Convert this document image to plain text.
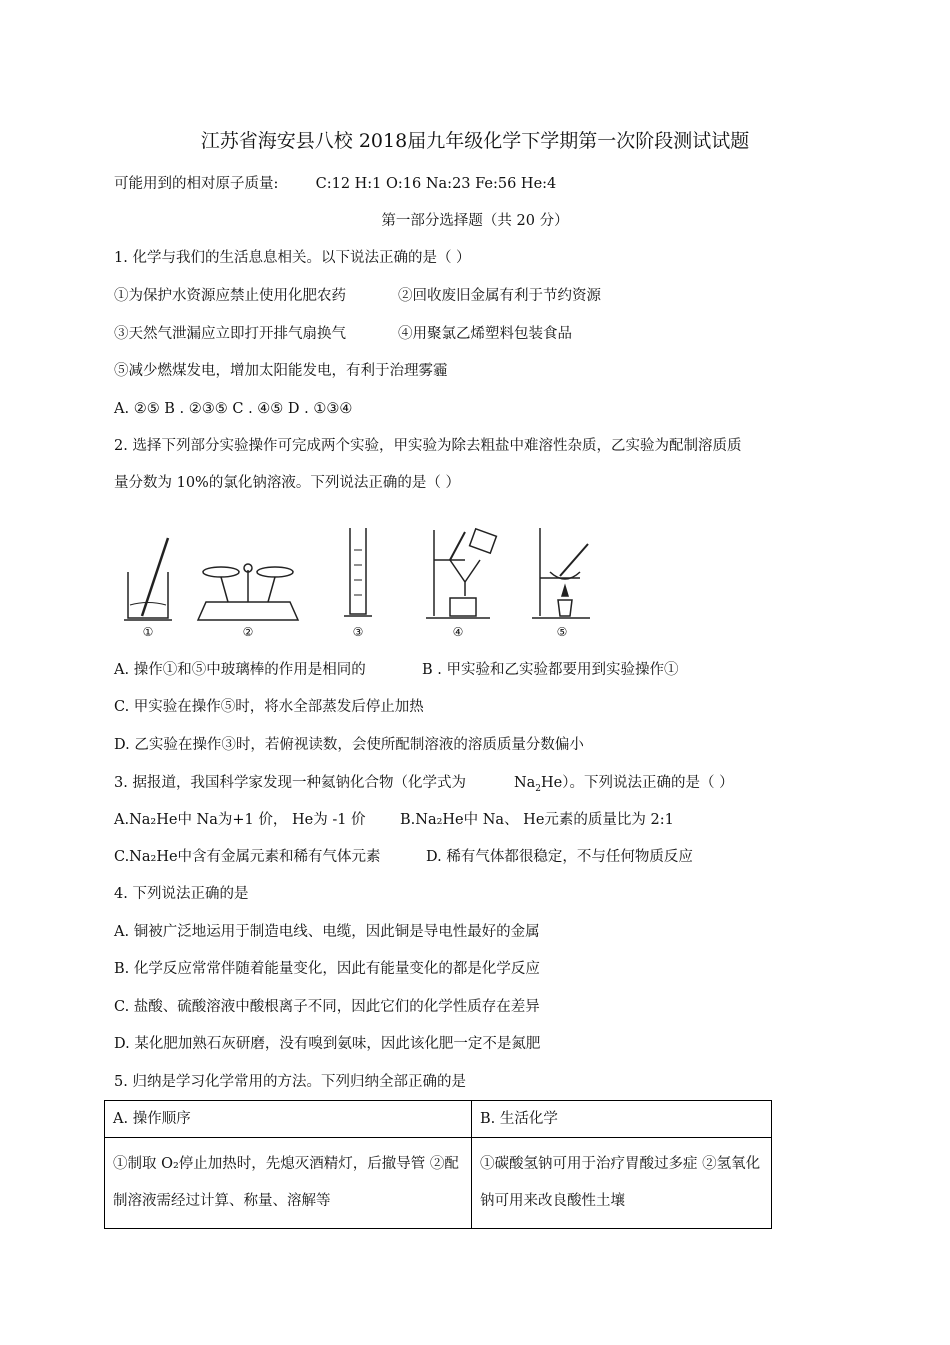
江苏省海安县八校 2018届九年级化学下学期第一次阶段测试试题
可能用到的相对原子质量:	C:12 H:1 O:16 Na:23 Fe:56 He:4
第一部分选择题（共 20 分）
1. 化学与我们的生活息息相关。以下说法正确的是（ ）
①为保护水资源应禁止使用化肥农药	②回收废旧金属有利于节约资源
③天然气泄漏应立即打开排气扇换气	④用聚氯乙烯塑料包装食品
⑤减少燃煤发电，增加太阳能发电，有利于治理雾霾
A. ②⑤ B . ②③⑤ C . ④⑤ D . ①③④
2. 选择下列部分实验操作可完成两个实验，甲实验为除去粗盐中难溶性杂质，乙实验为配制溶质质
量分数为 10%的氯化钠溶液。下列说法正确的是（ ）
①	②	③	④	⑤
A. 操作①和⑤中玻璃棒的作用是相同的	B . 甲实验和乙实验都要用到实验操作①
C. 甲实验在操作⑤时，将水全部蒸发后停止加热
D. 乙实验在操作③时，若俯视读数，会使所配制溶液的溶质质量分数偏小
3. 据报道，我国科学家发现一种氦钠化合物（化学式为	$Na_2He$）。下列说法正确的是（ ）
A.Na₂He中 Na为+1 价， He为 -1 价 B.Na₂He中 Na、 He元素的质量比为 2:1
C.Na₂He中含有金属元素和稀有气体元素	D. 稀有气体都很稳定，不与任何物质反应
4. 下列说法正确的是
A. 铜被广泛地运用于制造电线、电缆，因此铜是导电性最好的金属
B. 化学反应常常伴随着能量变化，因此有能量变化的都是化学反应
C. 盐酸、硫酸溶液中酸根离子不同，因此它们的化学性质存在差异
D. 某化肥加熟石灰研磨，没有嗅到氨味，因此该化肥一定不是氮肥
5. 归纳是学习化学常用的方法。下列归纳全部正确的是
A. 操作顺序	B. 生活化学
①制取 O₂停止加热时，先熄灭酒精灯，后撤导管 ②配制溶液需经过计算、称量、溶解等	①碳酸氢钠可用于治疗胃酸过多症 ②氢氧化钠可用来改良酸性土壤
